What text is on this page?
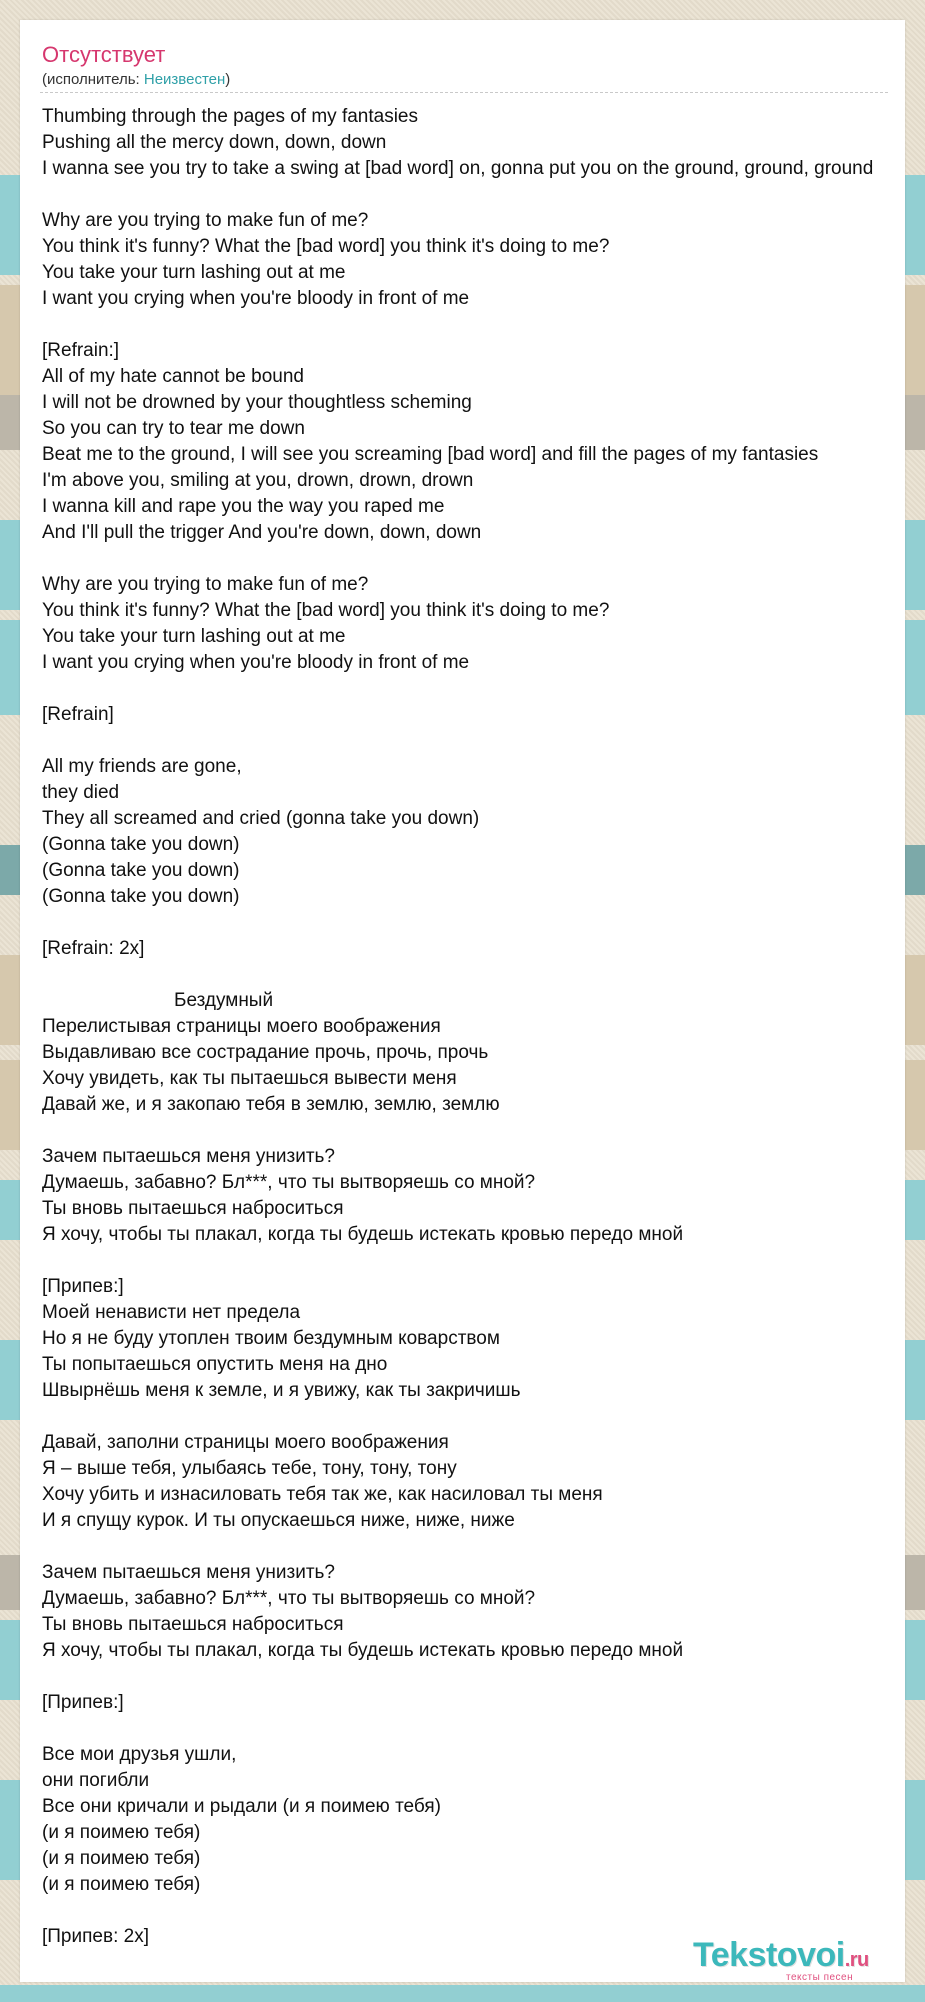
Отсутствует
(исполнитель: Неизвестен)
Thumbing through the pages of my fantasies
Pushing all the mercy down, down, down
I wanna see you try to take a swing at [bad word] on, gonna put you on the ground, ground, ground

Why are you trying to make fun of me?
You think it's funny? What the [bad word] you think it's doing to me?
You take your turn lashing out at me
I want you crying when you're bloody in front of me

[Refrain:]
All of my hate cannot be bound
I will not be drowned by your thoughtless scheming
So you can try to tear me down
Beat me to the ground, I will see you screaming [bad word] and fill the pages of my fantasies
I'm above you, smiling at you, drown, drown, drown
I wanna kill and rape you the way you raped me
And I'll pull the trigger And you're down, down, down

Why are you trying to make fun of me?
You think it's funny? What the [bad word] you think it's doing to me?
You take your turn lashing out at me
I want you crying when you're bloody in front of me

[Refrain]

All my friends are gone,
they died
They all screamed and cried (gonna take you down)
(Gonna take you down)
(Gonna take you down)
(Gonna take you down)

[Refrain: 2x]

Бездумный
Перелистывая страницы моего воображения
Выдавливаю все сострадание прочь, прочь, прочь
Хочу увидеть, как ты пытаешься вывести меня
Давай же, и я закопаю тебя в землю, землю, землю

Зачем пытаешься меня унизить?
Думаешь, забавно? Бл***, что ты вытворяешь со мной?
Ты вновь пытаешься наброситься
Я хочу, чтобы ты плакал, когда ты будешь истекать кровью передо мной

[Припев:]
Моей ненависти нет предела
Но я не буду утоплен твоим бездумным коварством
Ты попытаешься опустить меня на дно
Швырнёшь меня к земле, и я увижу, как ты закричишь

Давай, заполни страницы моего воображения
Я – выше тебя, улыбаясь тебе, тону, тону, тону
Хочу убить и изнасиловать тебя так же, как насиловал ты меня
И я спущу курок. И ты опускаешься ниже, ниже, ниже

Зачем пытаешься меня унизить?
Думаешь, забавно? Бл***, что ты вытворяешь со мной?
Ты вновь пытаешься наброситься
Я хочу, чтобы ты плакал, когда ты будешь истекать кровью передо мной

[Припев:]

Все мои друзья ушли,
они погибли
Все они кричали и рыдали (и я поимею тебя)
(и я поимею тебя)
(и я поимею тебя)
(и я поимею тебя)

[Припев: 2x]	Tekstovoi.ru
тексты песен
